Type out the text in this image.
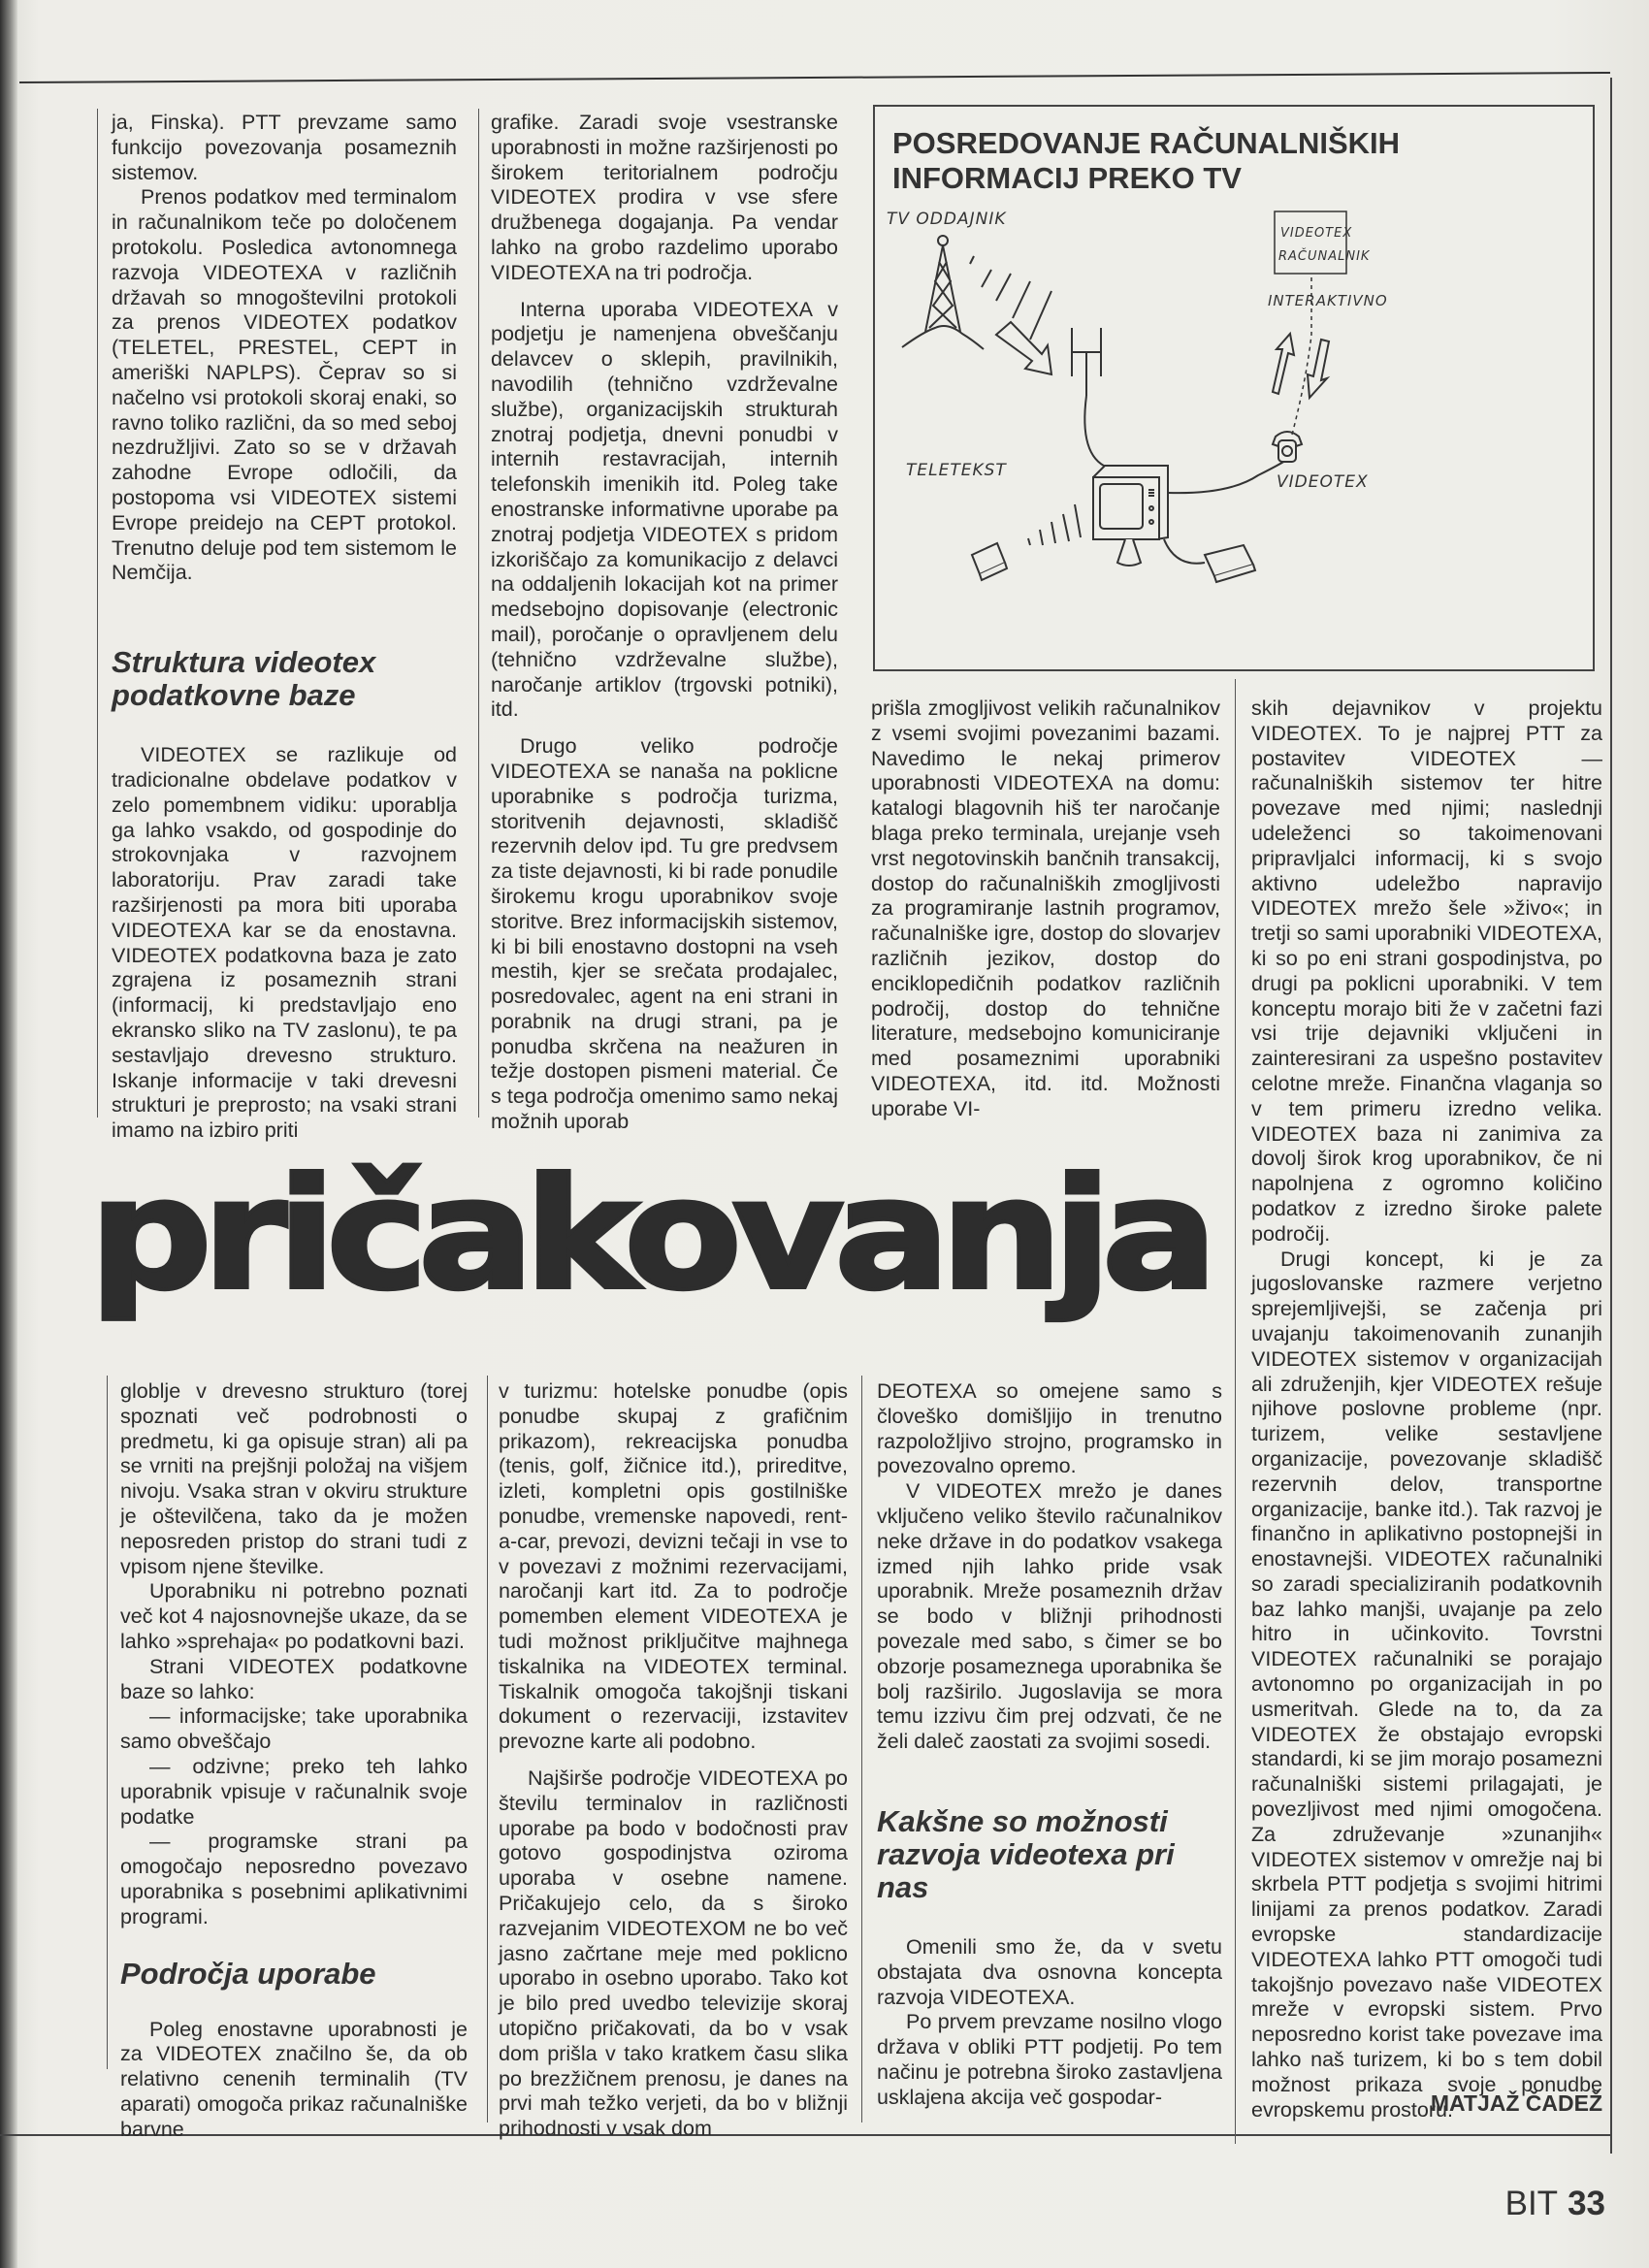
ja, Finska). PTT prevzame samo funkcijo povezovanja posameznih sistemov.

Prenos podatkov med terminalom in računalnikom teče po določenem protokolu. Posledica avtonomnega razvoja VIDEOTEXA v različnih državah so mnogoštevilni protokoli za prenos VIDEOTEX podatkov (TELETEL, PRESTEL, CEPT in ameriški NAPLPS). Čeprav so si načelno vsi protokoli skoraj enaki, so ravno toliko različni, da so med seboj nezdružljivi. Zato so se v državah zahodne Evrope odločili, da postopoma vsi VIDEOTEX sistemi Evrope preidejo na CEPT protokol. Trenutno deluje pod tem sistemom le Nemčija.

Struktura videotex podatkovne baze

VIDEOTEX se razlikuje od tradicionalne obdelave podatkov v zelo pomembnem vidiku: uporablja ga lahko vsakdo, od gospodinje do strokovnjaka v razvojnem laboratoriju. Prav zaradi take razširjenosti pa mora biti uporaba VIDEOTEXA kar se da enostavna. VIDEOTEX podatkovna baza je zato zgrajena iz posameznih strani (informacij, ki predstavljajo eno ekransko sliko na TV zaslonu), te pa sestavljajo drevesno strukturo. Iskanje informacije v taki drevesni strukturi je preprosto; na vsaki strani imamo na izbiro priti

grafike. Zaradi svoje vsestranske uporabnosti in možne razširjenosti po širokem teritorialnem področju VIDEOTEX prodira v vse sfere družbenega dogajanja. Pa vendar lahko na grobo razdelimo uporabo VIDEOTEXA na tri področja.

Interna uporaba VIDEOTEXA v podjetju je namenjena obveščanju delavcev o sklepih, pravilnikih, navodilih (tehnično vzdrževalne službe), organizacijskih strukturah znotraj podjetja, dnevni ponudbi v internih restavracijah, internih telefonskih imenikih itd. Poleg take enostranske informativne uporabe pa znotraj podjetja VIDEOTEX s pridom izkoriščajo za komunikacijo z delavci na oddaljenih lokacijah kot na primer medsebojno dopisovanje (electronic mail), poročanje o opravljenem delu (tehnično vzdrževalne službe), naročanje artiklov (trgovski potniki), itd.

Drugo veliko področje VIDEOTEXA se nanaša na poklicne uporabnike s področja turizma, storitvenih dejavnosti, skladišč rezervnih delov ipd. Tu gre predvsem za tiste dejavnosti, ki bi rade ponudile širokemu krogu uporabnikov svoje storitve. Brez informacijskih sistemov, ki bi bili enostavno dostopni na vseh mestih, kjer se srečata prodajalec, posredovalec, agent na eni strani in porabnik na drugi strani, pa je ponudba skrčena na neažuren in težje dostopen pismeni material. Če s tega področja omenimo samo nekaj možnih uporab

POSREDOVANJE RAČUNALNIŠKIH
INFORMACIJ PREKO TV
TV ODDAJNIK
VIDEOTEX
RAČUNALNIK
INTERAKTIVNO
TELETEKST
VIDEOTEX

prišla zmogljivost velikih računalnikov z vsemi svojimi povezanimi bazami. Navedimo le nekaj primerov uporabnosti VIDEOTEXA na domu: katalogi blagovnih hiš ter naročanje blaga preko terminala, urejanje vseh vrst negotovinskih bančnih transakcij, dostop do računalniških zmogljivosti za programiranje lastnih programov, računalniške igre, dostop do slovarjev različnih jezikov, dostop do enciklopedičnih podatkov različnih področij, dostop do tehnične literature, medsebojno komuniciranje med posameznimi uporabniki VIDEOTEXA, itd. itd. Možnosti uporabe VI-

skih dejavnikov v projektu VIDEOTEX. To je najprej PTT za postavitev VIDEOTEX — računalniških sistemov ter hitre povezave med njimi; naslednji udeleženci so takoimenovani pripravljalci informacij, ki s svojo aktivno udeležbo napravijo VIDEOTEX mrežo šele »živo«; in tretji so sami uporabniki VIDEOTEXA, ki so po eni strani gospodinjstva, po drugi pa poklicni uporabniki. V tem konceptu morajo biti že v začetni fazi vsi trije dejavniki vključeni in zainteresirani za uspešno postavitev celotne mreže. Finančna vlaganja so v tem primeru izredno velika. VIDEOTEX baza ni zanimiva za dovolj širok krog uporabnikov, če ni napolnjena z ogromno količino podatkov z izredno široke palete področij.

Drugi koncept, ki je za jugoslovanske razmere verjetno sprejemljivejši, se začenja pri uvajanju takoimenovanih zunanjih VIDEOTEX sistemov v organizacijah ali združenjih, kjer VIDEOTEX rešuje njihove poslovne probleme (npr. turizem, velike sestavljene organizacije, povezovanje skladišč rezervnih delov, transportne organizacije, banke itd.). Tak razvoj je finančno in aplikativno postopnejši in enostavnejši. VIDEOTEX računalniki so zaradi specializiranih podatkovnih baz lahko manjši, uvajanje pa zelo hitro in učinkovito. Tovrstni VIDEOTEX računalniki se porajajo avtonomno po organizacijah in po usmeritvah. Glede na to, da za VIDEOTEX že obstajajo evropski standardi, ki se jim morajo posamezni računalniški sistemi prilagajati, je povezljivost med njimi omogočena. Za združevanje »zunanjih« VIDEOTEX sistemov v omrežje naj bi skrbela PTT podjetja s svojimi hitrimi linijami za prenos podatkov. Zaradi evropske standardizacije VIDEOTEXA lahko PTT omogoči tudi takojšnjo povezavo naše VIDEOTEX mreže v evropski sistem. Prvo neposredno korist take povezave ima lahko naš turizem, ki bo s tem dobil možnost prikaza svoje ponudbe evropskemu prostoru.

pričakovanja

globlje v drevesno strukturo (torej spoznati več podrobnosti o predmetu, ki ga opisuje stran) ali pa se vrniti na prejšnji položaj na višjem nivoju. Vsaka stran v okviru strukture je oštevilčena, tako da je možen neposreden pristop do strani tudi z vpisom njene številke.

Uporabniku ni potrebno poznati več kot 4 najosnovnejše ukaze, da se lahko »sprehaja« po podatkovni bazi.

Strani VIDEOTEX podatkovne baze so lahko:

— informacijske; take uporabnika samo obveščajo

— odzivne; preko teh lahko uporabnik vpisuje v računalnik svoje podatke

— programske strani pa omogočajo neposredno povezavo uporabnika s posebnimi aplikativnimi programi.

Področja uporabe

Poleg enostavne uporabnosti je za VIDEOTEX značilno še, da ob relativno cenenih terminalih (TV aparati) omogoča prikaz računalniške barvne

v turizmu: hotelske ponudbe (opis ponudbe skupaj z grafičnim prikazom), rekreacijska ponudba (tenis, golf, žičnice itd.), prireditve, izleti, kompletni opis gostilniške ponudbe, vremenske napovedi, rent-a-car, prevozi, devizni tečaji in vse to v povezavi z možnimi rezervacijami, naročanji kart itd. Za to področje pomemben element VIDEOTEXA je tudi možnost priključitve majhnega tiskalnika na VIDEOTEX terminal. Tiskalnik omogoča takojšnji tiskani dokument o rezervaciji, izstavitev prevozne karte ali podobno.

Najširše področje VIDEOTEXA po številu terminalov in različnosti uporabe pa bodo v bodočnosti prav gotovo gospodinjstva oziroma uporaba v osebne namene. Pričakujejo celo, da s široko razvejanim VIDEOTEXOM ne bo več jasno začrtane meje med poklicno uporabo in osebno uporabo. Tako kot je bilo pred uvedbo televizije skoraj utopično pričakovati, da bo v vsak dom prišla v tako kratkem času slika po brezžičnem prenosu, je danes na prvi mah težko verjeti, da bo v bližnji prihodnosti v vsak dom

DEOTEXA so omejene samo s človeško domišljijo in trenutno razpoložljivo strojno, programsko in povezovalno opremo.

V VIDEOTEX mrežo je danes vključeno veliko število računalnikov neke države in do podatkov vsakega izmed njih lahko pride vsak uporabnik. Mreže posameznih držav se bodo v bližnji prihodnosti povezale med sabo, s čimer se bo obzorje posameznega uporabnika še bolj razširilo. Jugoslavija se mora temu izzivu čim prej odzvati, če ne želi daleč zaostati za svojimi sosedi.

Kakšne so možnosti razvoja videotexa pri nas

Omenili smo že, da v svetu obstajata dva osnovna koncepta razvoja VIDEOTEXA.

Po prvem prevzame nosilno vlogo država v obliki PTT podjetij. Po tem načinu je potrebna široko zastavljena usklajena akcija več gospodar-	MATJAŽ ČADEŽ
BIT 33
